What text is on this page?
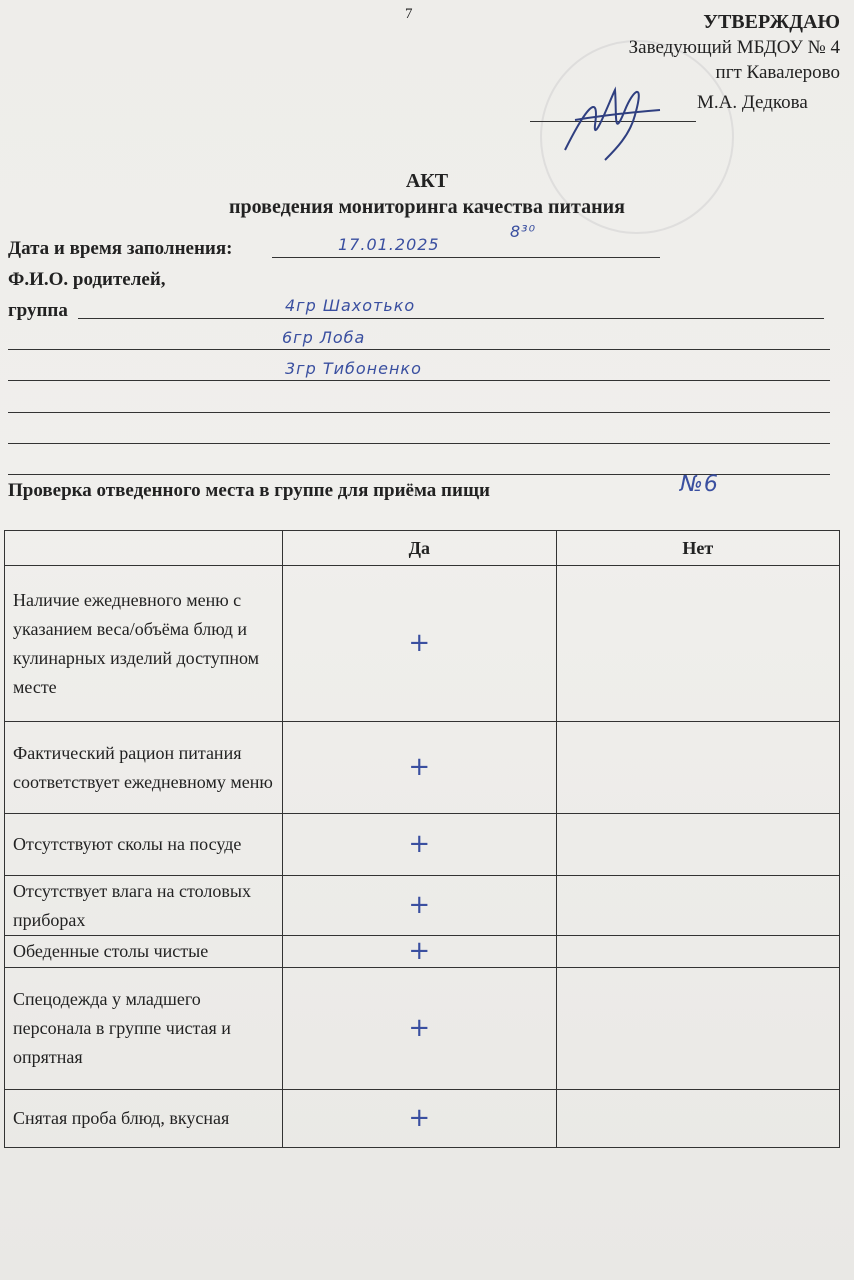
7	УТВЕРЖДАЮ
Заведующий МБДОУ № 4
пгт Кавалерово
М.А. Дедкова
АКТ
проведения мониторинга качества питания
Дата и время заполнения:	17.01.2025
8³⁰
Ф.И.О. родителей,
группа	4гр Шахотько
6гр Лоба
3гр Тибоненко
Проверка отведенного места в группе для приёма пищи	№6
	Да	Нет
Наличие ежедневного меню с указанием веса/объёма блюд и кулинарных изделий доступном месте	+	
Фактический рацион питания соответствует ежедневному меню	+	
Отсутствуют сколы на посуде	+	
Отсутствует влага на столовых приборах	+	
Обеденные столы чистые	+	
Спецодежда у младшего персонала в группе чистая и опрятная	+	
Снятая проба блюд, вкусная	+	
